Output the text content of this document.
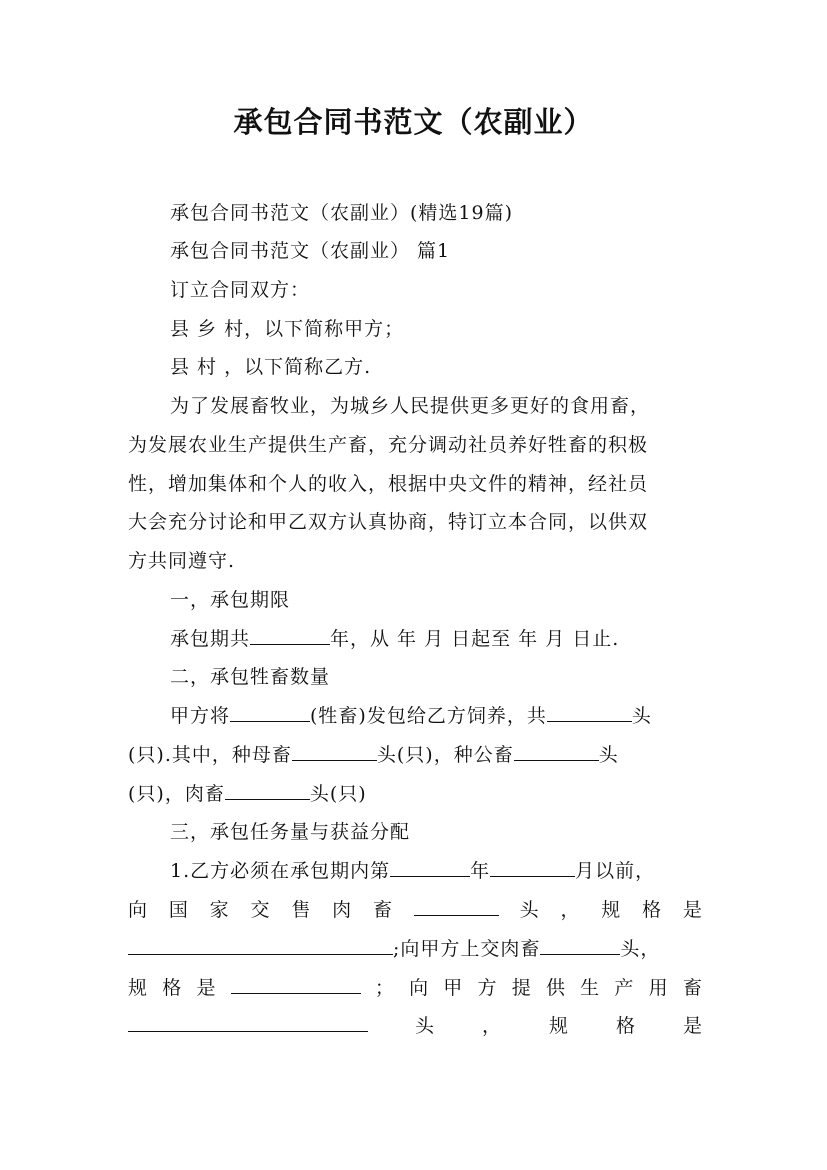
承包合同书范文（农副业）
承包合同书范文（农副业）(精选19篇)
承包合同书范文（农副业） 篇1
订立合同双方：
县 乡 村，以下简称甲方；
县 村 ，以下简称乙方.
为了发展畜牧业，为城乡人民提供更多更好的食用畜，
为发展农业生产提供生产畜，充分调动社员养好牲畜的积极
性，增加集体和个人的收入，根据中央文件的精神，经社员
大会充分讨论和甲乙双方认真协商，特订立本合同，以供双
方共同遵守.
一，承包期限
承包期共	年，从 年 月 日起至 年 月 日止.
二，承包牲畜数量
甲方将	(牲畜)发包给乙方饲养，共	头
(只).其中，种母畜	头(只)，种公畜	头
(只)，肉畜	头(只)
三，承包任务量与获益分配
1.乙方必须在承包期内第	年	月以前，
向 国 家 交 售 肉 畜	头 ， 规 格 是
;向甲方上交肉畜	头，
规 格 是	； 向 甲 方 提 供 生 产 用 畜
头 ， 规 格 是
